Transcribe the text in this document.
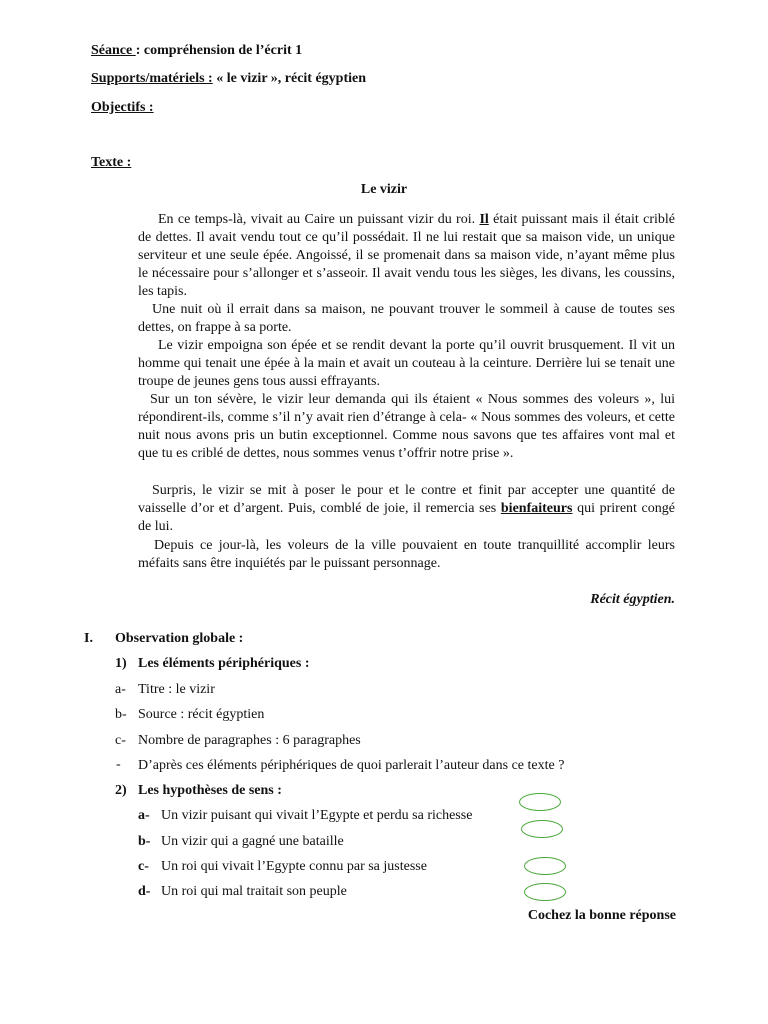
Séance : compréhension de l’écrit 1
Supports/matériels : « le vizir », récit égyptien
Objectifs :
Texte :
Le vizir

En ce temps-là, vivait au Caire un puissant vizir du roi. Il était puissant mais il était criblé de dettes. Il avait vendu tout ce qu’il possédait. Il ne lui restait que sa maison vide, un unique serviteur et une seule épée. Angoissé, il se promenait dans sa maison vide, n’ayant même plus le nécessaire pour s’allonger et s’asseoir. Il avait vendu tous les sièges, les divans, les coussins, les tapis.

Une nuit où il errait dans sa maison, ne pouvant trouver le sommeil à cause de toutes ses dettes, on frappe à sa porte.

Le vizir empoigna son épée et se rendit devant la porte qu’il ouvrit brusquement. Il vit un homme qui tenait une épée à la main et avait un couteau à la ceinture. Derrière lui se tenait une troupe de jeunes gens tous aussi effrayants.

Sur un ton sévère, le vizir leur demanda qui ils étaient « Nous sommes des voleurs », lui répondirent-ils, comme s’il n’y avait rien d’étrange à cela- « Nous sommes des voleurs, et cette nuit nous avons pris un butin exceptionnel. Comme nous savons que tes affaires vont mal et que tu es criblé de dettes, nous sommes venus t’offrir notre prise ».

Surpris, le vizir se mit à poser le pour et le contre et finit par accepter une quantité de vaisselle d’or et d’argent. Puis, comblé de joie, il remercia ses bienfaiteurs qui prirent congé de lui.

Depuis ce jour-là, les voleurs de la ville pouvaient en toute tranquillité accomplir leurs méfaits sans être inquiétés par le puissant personnage.

Récit égyptien.
I. Observation globale :
1) Les éléments périphériques :
a- Titre : le vizir
b- Source : récit égyptien
c- Nombre de paragraphes : 6 paragraphes
- D’après ces éléments périphériques de quoi parlerait l’auteur dans ce texte ?
2) Les hypothèses de sens :
a- Un vizir puisant qui vivait l’Egypte et perdu sa richesse
b- Un vizir qui a gagné une bataille
c- Un roi qui vivait l’Egypte connu par sa justesse
d- Un roi qui mal traitait son peuple
Cochez la bonne réponse
